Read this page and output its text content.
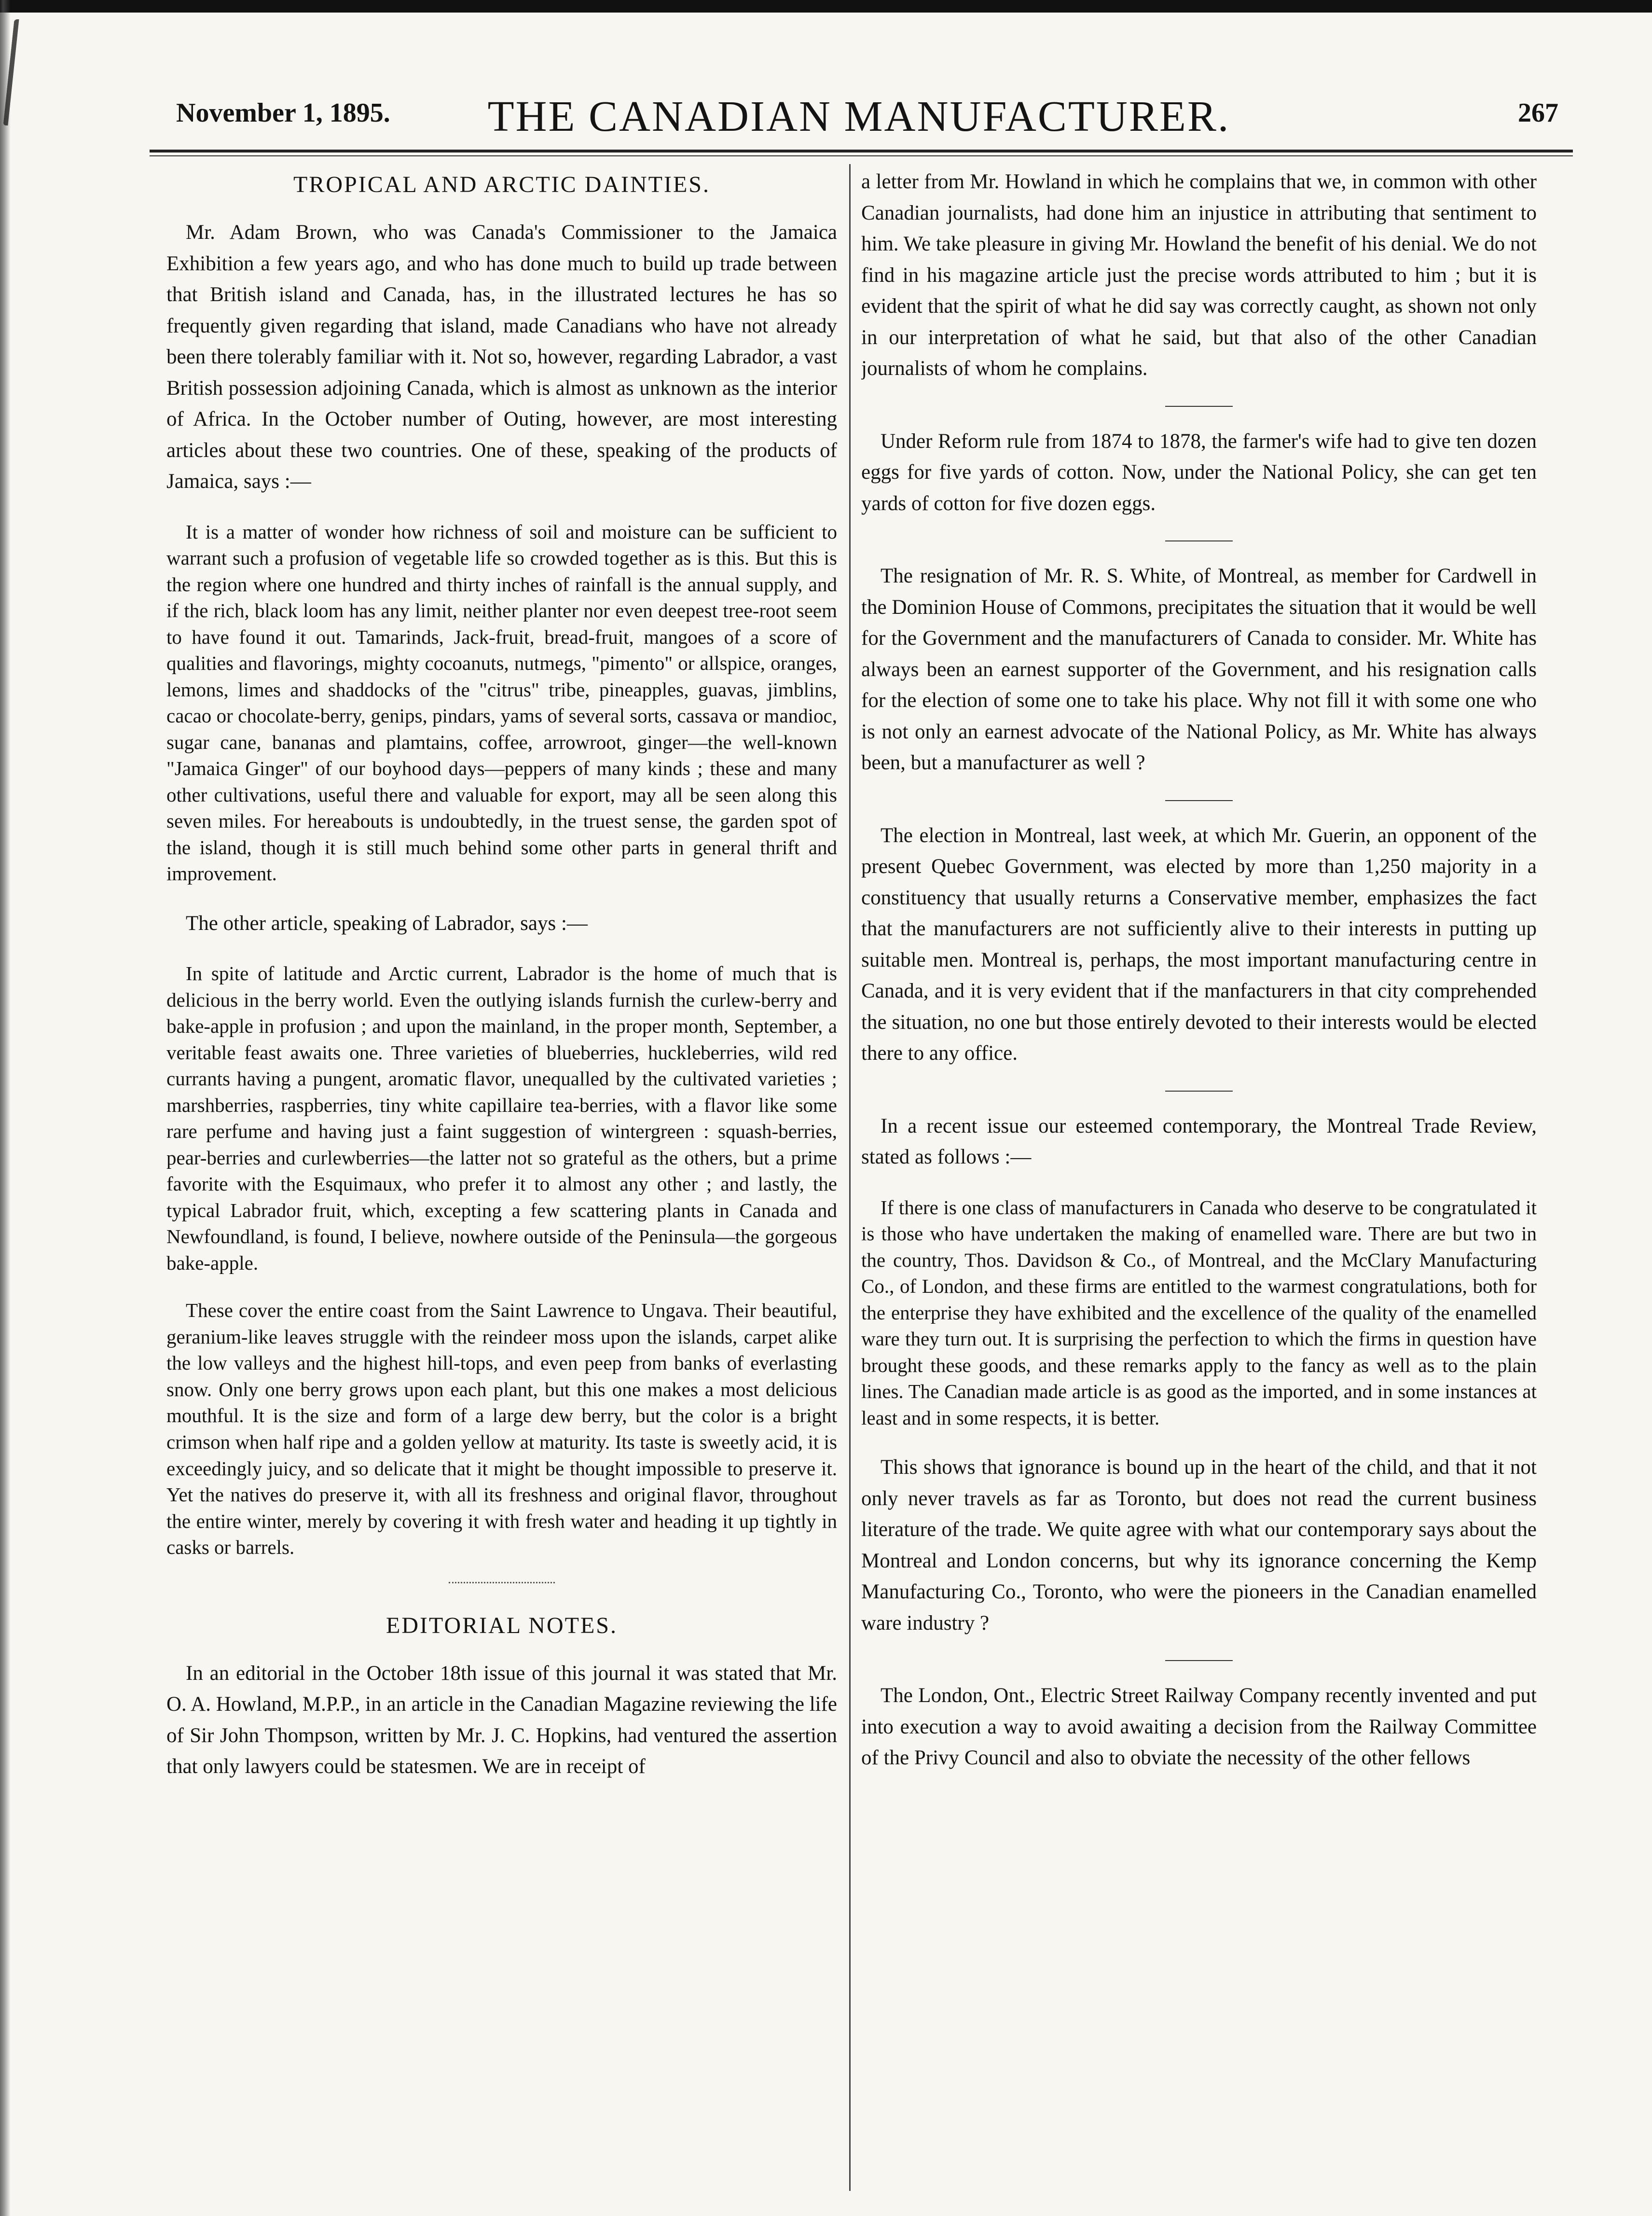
November 1, 1895.	THE CANADIAN MANUFACTURER.	267
TROPICAL AND ARCTIC DAINTIES.

Mr. Adam Brown, who was Canada's Commissioner to the Jamaica Exhibition a few years ago, and who has done much to build up trade between that British island and Canada, has, in the illustrated lectures he has so frequently given regarding that island, made Canadians who have not already been there tolerably familiar with it. Not so, however, regarding Labrador, a vast British possession adjoining Canada, which is almost as unknown as the interior of Africa. In the October number of Outing, however, are most interesting articles about these two countries. One of these, speaking of the products of Jamaica, says :—

It is a matter of wonder how richness of soil and moisture can be sufficient to warrant such a profusion of vegetable life so crowded together as is this. But this is the region where one hundred and thirty inches of rainfall is the annual supply, and if the rich, black loom has any limit, neither planter nor even deepest tree-root seem to have found it out. Tamarinds, Jack-fruit, bread-fruit, mangoes of a score of qualities and flavorings, mighty cocoanuts, nutmegs, "pimento" or allspice, oranges, lemons, limes and shaddocks of the "citrus" tribe, pineapples, guavas, jimblins, cacao or chocolate-berry, genips, pindars, yams of several sorts, cassava or mandioc, sugar cane, bananas and plamtains, coffee, arrowroot, ginger—the well-known "Jamaica Ginger" of our boyhood days—peppers of many kinds ; these and many other cultivations, useful there and valuable for export, may all be seen along this seven miles. For hereabouts is undoubtedly, in the truest sense, the garden spot of the island, though it is still much behind some other parts in general thrift and improvement.

The other article, speaking of Labrador, says :—

In spite of latitude and Arctic current, Labrador is the home of much that is delicious in the berry world. Even the outlying islands furnish the curlew-berry and bake-apple in profusion ; and upon the mainland, in the proper month, September, a veritable feast awaits one. Three varieties of blueberries, huckleberries, wild red currants having a pungent, aromatic flavor, unequalled by the cultivated varieties ; marshberries, raspberries, tiny white capillaire tea-berries, with a flavor like some rare perfume and having just a faint suggestion of wintergreen : squash-berries, pear-berries and curlewberries—the latter not so grateful as the others, but a prime favorite with the Esquimaux, who prefer it to almost any other ; and lastly, the typical Labrador fruit, which, excepting a few scattering plants in Canada and Newfoundland, is found, I believe, nowhere outside of the Peninsula—the gorgeous bake-apple.

These cover the entire coast from the Saint Lawrence to Ungava. Their beautiful, geranium-like leaves struggle with the reindeer moss upon the islands, carpet alike the low valleys and the highest hill-tops, and even peep from banks of everlasting snow. Only one berry grows upon each plant, but this one makes a most delicious mouthful. It is the size and form of a large dew berry, but the color is a bright crimson when half ripe and a golden yellow at maturity. Its taste is sweetly acid, it is exceedingly juicy, and so delicate that it might be thought impossible to preserve it. Yet the natives do preserve it, with all its freshness and original flavor, throughout the entire winter, merely by covering it with fresh water and heading it up tightly in casks or barrels.

EDITORIAL NOTES.

In an editorial in the October 18th issue of this journal it was stated that Mr. O. A. Howland, M.P.P., in an article in the Canadian Magazine reviewing the life of Sir John Thompson, written by Mr. J. C. Hopkins, had ventured the assertion that only lawyers could be statesmen. We are in receipt of

a letter from Mr. Howland in which he complains that we, in common with other Canadian journalists, had done him an injustice in attributing that sentiment to him. We take pleasure in giving Mr. Howland the benefit of his denial. We do not find in his magazine article just the precise words attributed to him ; but it is evident that the spirit of what he did say was correctly caught, as shown not only in our interpretation of what he said, but that also of the other Canadian journalists of whom he complains.

Under Reform rule from 1874 to 1878, the farmer's wife had to give ten dozen eggs for five yards of cotton. Now, under the National Policy, she can get ten yards of cotton for five dozen eggs.

The resignation of Mr. R. S. White, of Montreal, as member for Cardwell in the Dominion House of Commons, precipitates the situation that it would be well for the Government and the manufacturers of Canada to consider. Mr. White has always been an earnest supporter of the Government, and his resignation calls for the election of some one to take his place. Why not fill it with some one who is not only an earnest advocate of the National Policy, as Mr. White has always been, but a manufacturer as well ?

The election in Montreal, last week, at which Mr. Guerin, an opponent of the present Quebec Government, was elected by more than 1,250 majority in a constituency that usually returns a Conservative member, emphasizes the fact that the manufacturers are not sufficiently alive to their interests in putting up suitable men. Montreal is, perhaps, the most important manufacturing centre in Canada, and it is very evident that if the manfacturers in that city comprehended the situation, no one but those entirely devoted to their interests would be elected there to any office.

In a recent issue our esteemed contemporary, the Montreal Trade Review, stated as follows :—

If there is one class of manufacturers in Canada who deserve to be congratulated it is those who have undertaken the making of enamelled ware. There are but two in the country, Thos. Davidson & Co., of Montreal, and the McClary Manufacturing Co., of London, and these firms are entitled to the warmest congratulations, both for the enterprise they have exhibited and the excellence of the quality of the enamelled ware they turn out. It is surprising the perfection to which the firms in question have brought these goods, and these remarks apply to the fancy as well as to the plain lines. The Canadian made article is as good as the imported, and in some instances at least and in some respects, it is better.

This shows that ignorance is bound up in the heart of the child, and that it not only never travels as far as Toronto, but does not read the current business literature of the trade. We quite agree with what our contemporary says about the Montreal and London concerns, but why its ignorance concerning the Kemp Manufacturing Co., Toronto, who were the pioneers in the Canadian enamelled ware industry ?

The London, Ont., Electric Street Railway Company recently invented and put into execution a way to avoid awaiting a decision from the Railway Committee of the Privy Council and also to obviate the necessity of the other fellows
